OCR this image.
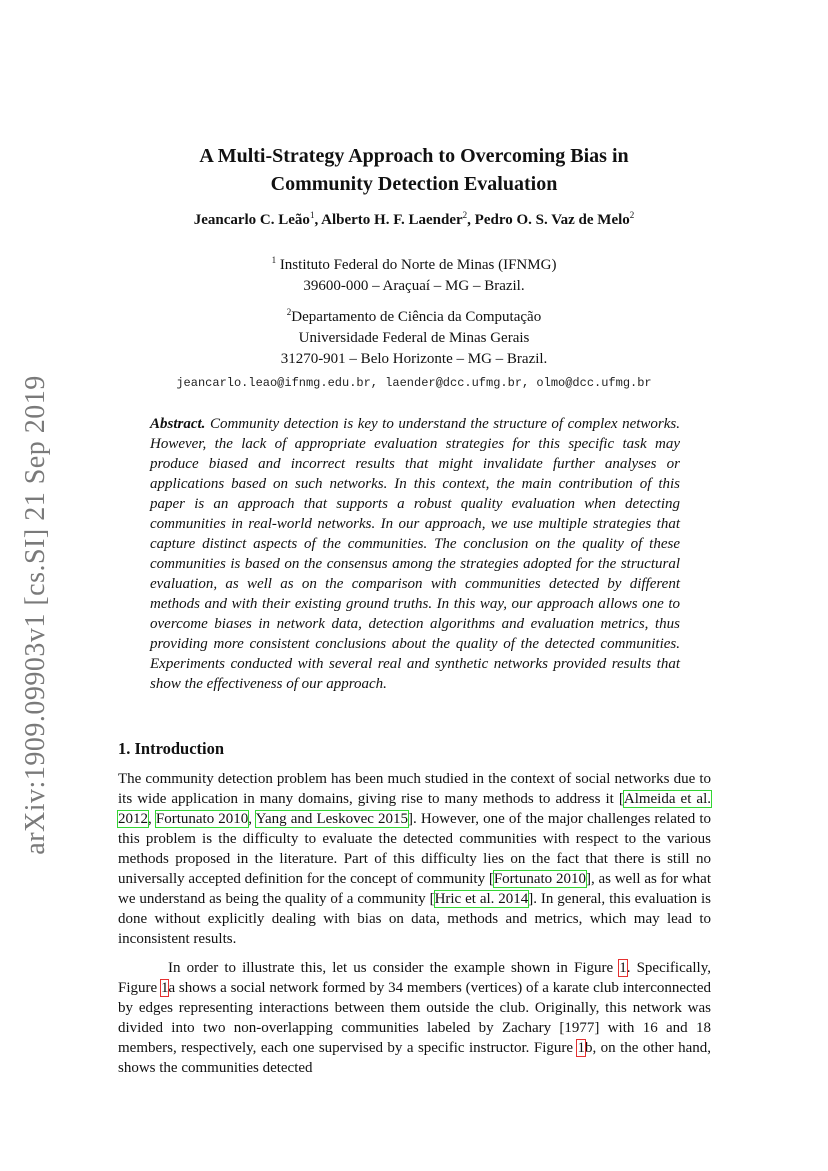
arXiv:1909.09903v1 [cs.SI] 21 Sep 2019
A Multi-Strategy Approach to Overcoming Bias in
Community Detection Evaluation
Jeancarlo C. Leão$^1$, Alberto H. F. Laender$^2$, Pedro O. S. Vaz de Melo$^2$
$^1$ Instituto Federal do Norte de Minas (IFNMG)
39600-000 – Araçuaí – MG – Brazil.
$^2$Departamento de Ciência da Computação
Universidade Federal de Minas Gerais
31270-901 – Belo Horizonte – MG – Brazil.
jeancarlo.leao@ifnmg.edu.br, laender@dcc.ufmg.br, olmo@dcc.ufmg.br
Abstract. Community detection is key to understand the structure of complex networks. However, the lack of appropriate evaluation strategies for this specific task may produce biased and incorrect results that might invalidate further analyses or applications based on such networks. In this context, the main contribution of this paper is an approach that supports a robust quality evaluation when detecting communities in real-world networks. In our approach, we use multiple strategies that capture distinct aspects of the communities. The conclusion on the quality of these communities is based on the consensus among the strategies adopted for the structural evaluation, as well as on the comparison with communities detected by different methods and with their existing ground truths. In this way, our approach allows one to overcome biases in network data, detection algorithms and evaluation metrics, thus providing more consistent conclusions about the quality of the detected communities. Experiments conducted with several real and synthetic networks provided results that show the effectiveness of our approach.
1. Introduction
The community detection problem has been much studied in the context of social networks due to its wide application in many domains, giving rise to many methods to address it [Almeida et al. 2012, Fortunato 2010, Yang and Leskovec 2015]. However, one of the major challenges related to this problem is the difficulty to evaluate the detected communities with respect to the various methods proposed in the literature. Part of this difficulty lies on the fact that there is still no universally accepted definition for the concept of community [Fortunato 2010], as well as for what we understand as being the quality of a community [Hric et al. 2014]. In general, this evaluation is done without explicitly dealing with bias on data, methods and metrics, which may lead to inconsistent results.
In order to illustrate this, let us consider the example shown in Figure 1. Specifically, Figure 1a shows a social network formed by 34 members (vertices) of a karate club interconnected by edges representing interactions between them outside the club. Originally, this network was divided into two non-overlapping communities labeled by Zachary [1977] with 16 and 18 members, respectively, each one supervised by a specific instructor. Figure 1b, on the other hand, shows the communities detected
